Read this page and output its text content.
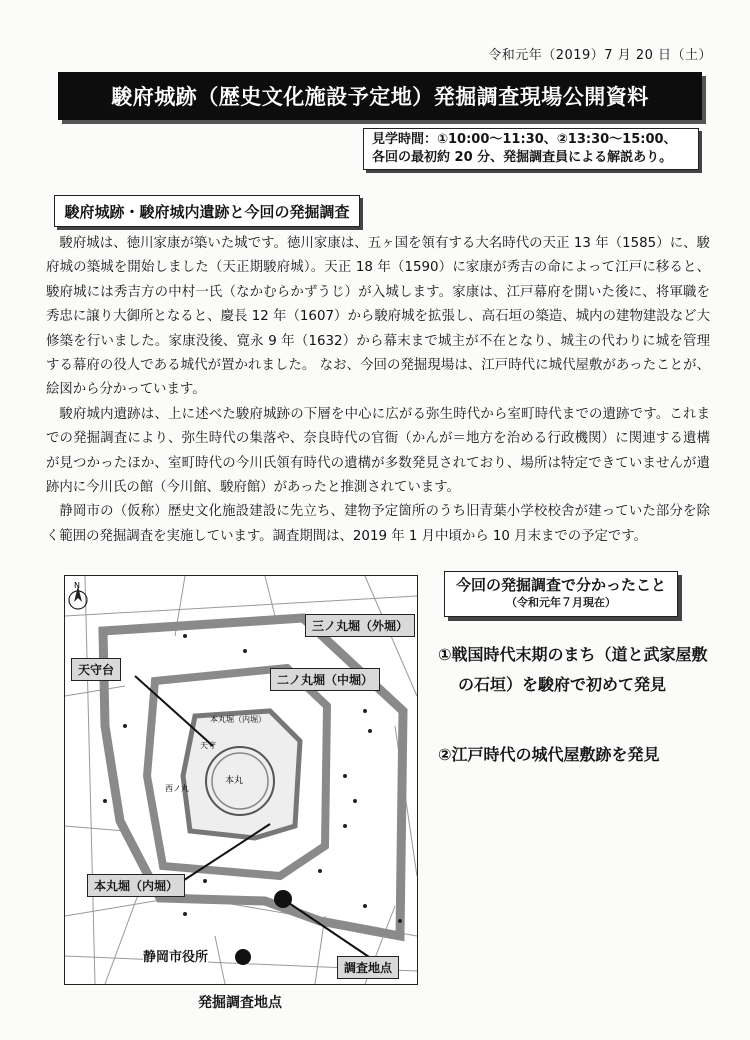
令和元年（2019）7 月 20 日（土）
駿府城跡（歴史文化施設予定地）発掘調査現場公開資料
見学時間：①10:00～11:30、②13:30～15:00、
各回の最初約 20 分、発掘調査員による解説あり。
駿府城跡・駿府城内遺跡と今回の発掘調査

駿府城は、徳川家康が築いた城です。徳川家康は、五ヶ国を領有する大名時代の天正 13 年（1585）に、駿府城の築城を開始しました（天正期駿府城）。天正 18 年（1590）に家康が秀吉の命によって江戸に移ると、駿府城には秀吉方の中村一氏（なかむらかずうじ）が入城します。家康は、江戸幕府を開いた後に、将軍職を秀忠に譲り大御所となると、慶長 12 年（1607）から駿府城を拡張し、高石垣の築造、城内の建物建設など大修築を行いました。家康没後、寛永 9 年（1632）から幕末まで城主が不在となり、城主の代わりに城を管理する幕府の役人である城代が置かれました。 なお、今回の発掘現場は、江戸時代に城代屋敷があったことが、絵図から分かっています。

駿府城内遺跡は、上に述べた駿府城跡の下層を中心に広がる弥生時代から室町時代までの遺跡です。これまでの発掘調査により、弥生時代の集落や、奈良時代の官衙（かんが＝地方を治める行政機関）に関連する遺構が見つかったほか、室町時代の今川氏領有時代の遺構が多数発見されており、場所は特定できていませんが遺跡内に今川氏の館（今川館、駿府館）があったと推測されています。

静岡市の（仮称）歴史文化施設建設に先立ち、建物予定箇所のうち旧青葉小学校校舎が建っていた部分を除く範囲の発掘調査を実施しています。調査期間は、2019 年 1 月中頃から 10 月末までの予定です。

N
本丸堀（内堀）
本丸
天守
西ノ丸
天守台
三ノ丸堀（外堀）
二ノ丸堀（中堀）
本丸堀（内堀）
調査地点
静岡市役所
発掘調査地点
今回の発掘調査で分かったこと
（令和元年７月現在）
①戦国時代末期のまち（道と武家屋敷
の石垣）を駿府で初めて発見
②江戸時代の城代屋敷跡を発見
